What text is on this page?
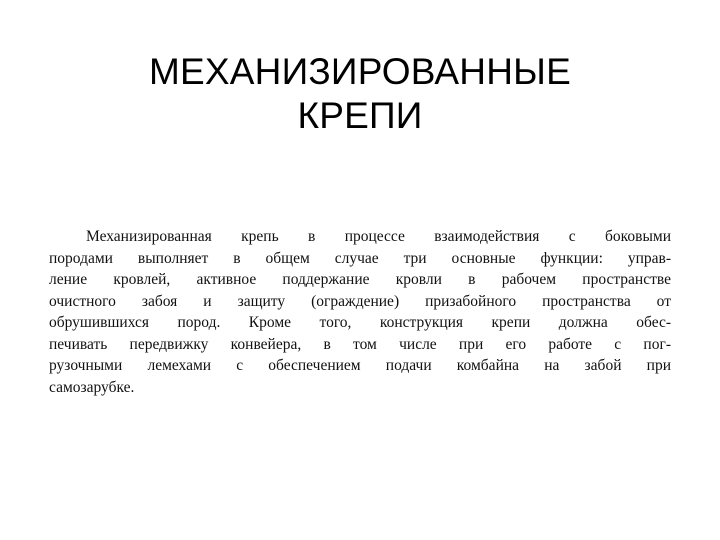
МЕХАНИЗИРОВАННЫЕ
КРЕПИ
Механизированная крепь в процессе взаимодействия с боковыми
породами выполняет в общем случае три основные функции: управ-
ление кровлей, активное поддержание кровли в рабочем пространстве
очистного забоя и защиту (ограждение) призабойного пространства от
обрушившихся пород. Кроме того, конструкция крепи должна обес-
печивать передвижку конвейера, в том числе при его работе с пог-
рузочными лемехами с обеспечением подачи комбайна на забой при
самозарубке.
